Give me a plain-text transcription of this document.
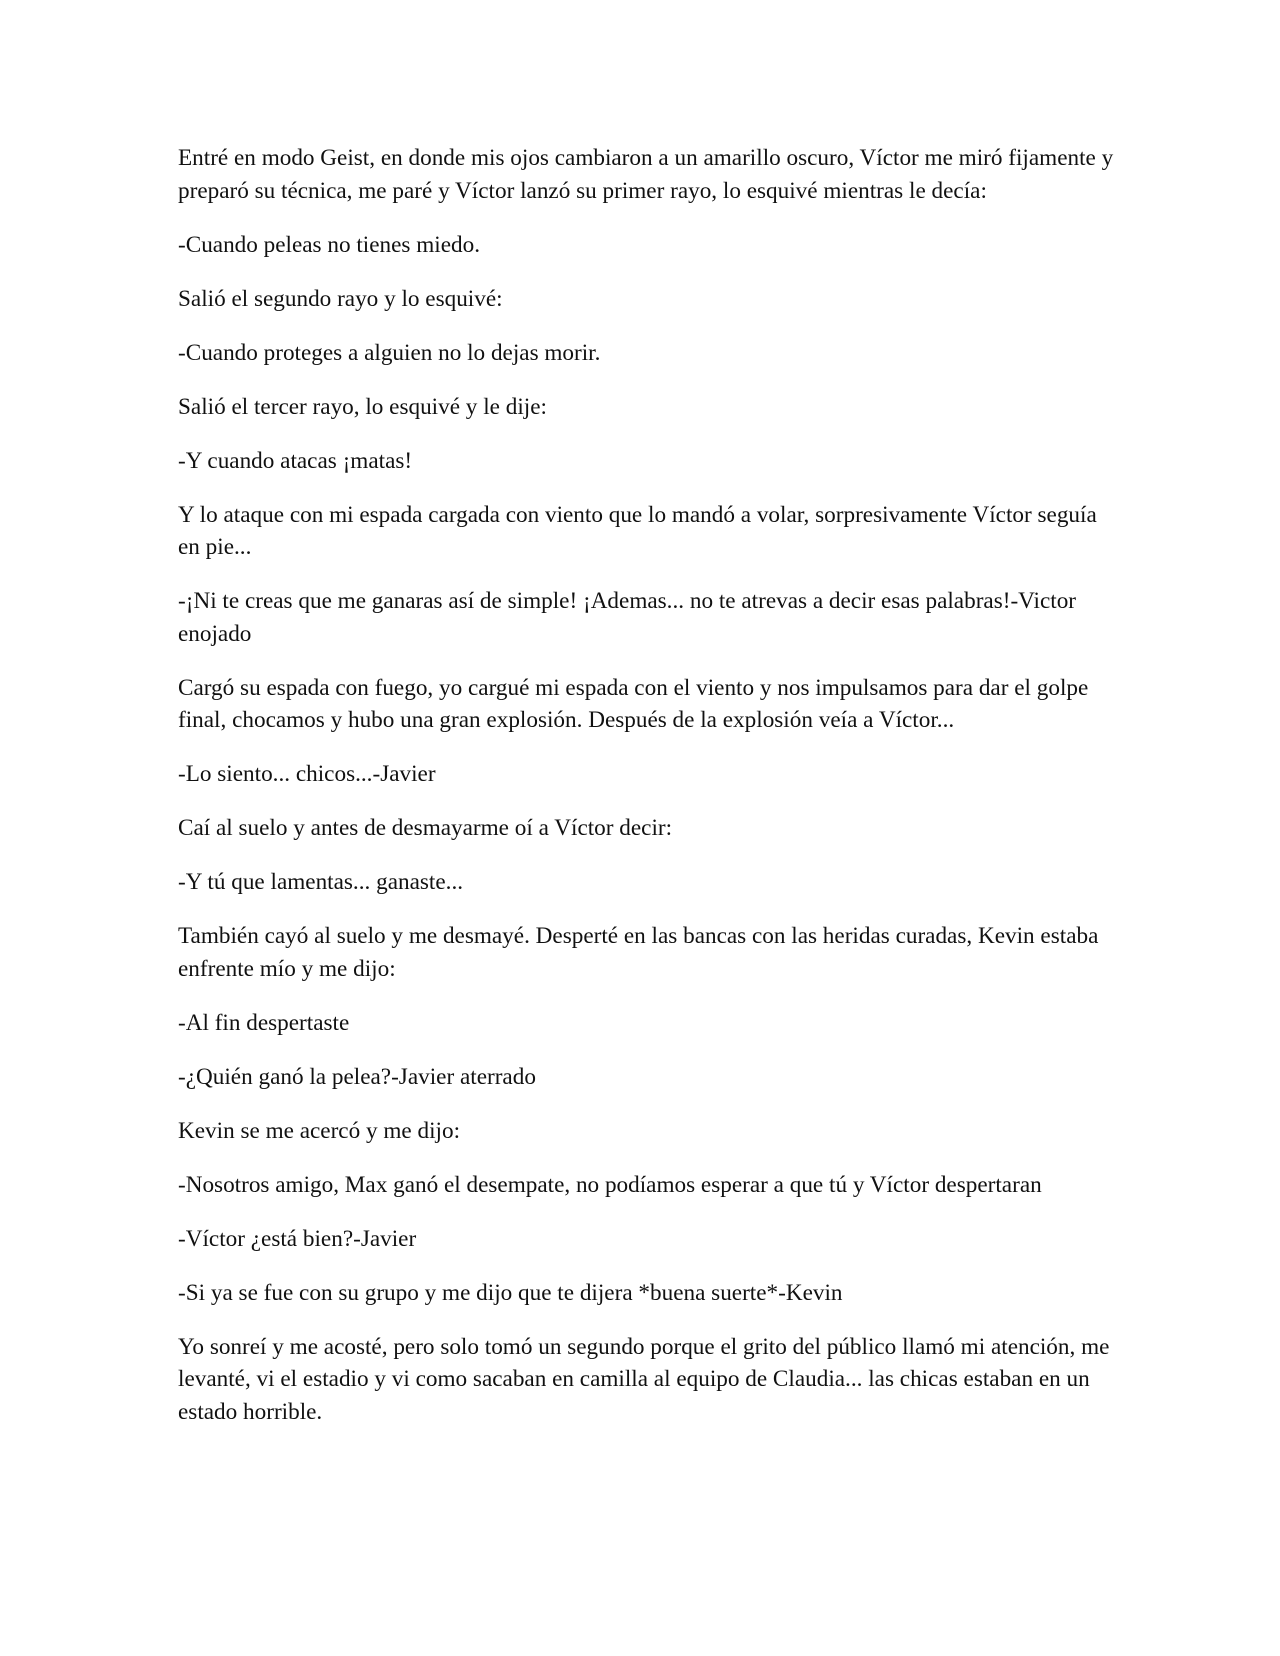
Entré en modo Geist, en donde mis ojos cambiaron a un amarillo oscuro, Víctor me miró fijamente y preparó su técnica, me paré y Víctor lanzó su primer rayo, lo esquivé mientras le decía:

-Cuando peleas no tienes miedo.

Salió el segundo rayo y lo esquivé:

-Cuando proteges a alguien no lo dejas morir.

Salió el tercer rayo, lo esquivé y le dije:

-Y cuando atacas ¡matas!

Y lo ataque con mi espada cargada con viento que lo mandó a volar, sorpresivamente Víctor seguía en pie...

-¡Ni te creas que me ganaras así de simple! ¡Ademas... no te atrevas a decir esas palabras!-Victor enojado

Cargó su espada con fuego, yo cargué mi espada con el viento y nos impulsamos para dar el golpe final, chocamos y hubo una gran explosión. Después de la explosión veía a Víctor...

-Lo siento... chicos...-Javier

Caí al suelo y antes de desmayarme oí a Víctor decir:

-Y tú que lamentas... ganaste...

También cayó al suelo y me desmayé. Desperté en las bancas con las heridas curadas, Kevin estaba enfrente mío y me dijo:

-Al fin despertaste

-¿Quién ganó la pelea?-Javier aterrado

Kevin se me acercó y me dijo:

-Nosotros amigo, Max ganó el desempate, no podíamos esperar a que tú y Víctor despertaran

-Víctor ¿está bien?-Javier

-Si ya se fue con su grupo y me dijo que te dijera *buena suerte*-Kevin

Yo sonreí y me acosté, pero solo tomó un segundo porque el grito del público llamó mi atención, me levanté, vi el estadio y vi como sacaban en camilla al equipo de Claudia... las chicas estaban en un estado horrible.
